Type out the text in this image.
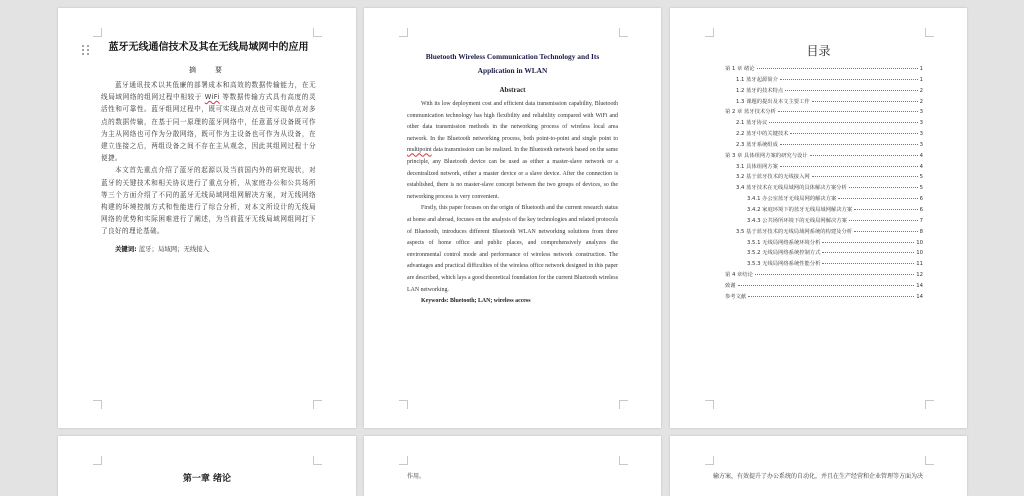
蓝牙无线通信技术及其在无线局域网中的应用
摘　要

蓝牙通讯技术以其低廉的部署成本和高效的数据传输能力，在无线局域网络的组网过程中相较于 WiFi 等数据传输方式具有高度的灵活性和可靠性。蓝牙组网过程中，既可实现点对点也可实现单点对多点的数据传输，在基于同一原理的蓝牙网络中，任意蓝牙设备既可作为主从网络也可作为分散网络，既可作为主设备也可作为从设备，在建立连接之后，两组设备之间不存在主从观念，因此其组网过程十分便捷。

本文首先重点介绍了蓝牙的起源以及当前国内外的研究现状，对蓝牙的关键技术和相关协议进行了重点分析，从家庭办公和公共场所等三个方面介绍了不同的蓝牙无线局域网组网解决方案，对无线网络构建的环境控制方式和性能进行了综合分析，对本文所设计的无线局网络的优势和实际困难进行了阐述，为当前蓝牙无线局域网组网打下了良好的理论基础。

关键词: 蓝牙；局域网；无线接入
Bluetooth Wireless Communication Technology and Its Application in WLAN
Abstract

With its low deployment cost and efficient data transmission capability, Bluetooth communication technology has high flexibility and reliability compared with WiFi and other data transmission methods in the networking process of wireless local area network. In the Bluetooth networking process, both point-to-point and single point to multipoint data transmission can be realized. In the Bluetooth network based on the same principle, any Bluetooth device can be used as either a master-slave network or a decentralized network, either a master device or a slave device. After the connection is established, there is no master-slave concept between the two groups of devices, so the networking process is very convenient.

Firstly, this paper focuses on the origin of Bluetooth and the current research status at home and abroad, focuses on the analysis of the key technologies and related protocols of Bluetooth, introduces different Bluetooth WLAN networking solutions from three aspects of home office and public places, and comprehensively analyzes the environmental control mode and performance of wireless network construction. The advantages and practical difficulties of the wireless office network designed in this paper are described, which lays a good theoretical foundation for the current Bluetooth wireless LAN networking.

Keywords: Bluetooth; LAN; wireless access
目录
第 1 章 绪论	1
1.1 蓝牙起源简介	1
1.2 蓝牙的技术特点	2
1.3 课题的提出及本文主要工作	2
第 2 章 蓝牙技术分析	3
2.1 蓝牙协议	3
2.2 蓝牙中的关键技术	3
2.3 蓝牙系统组成	3
第 3 章 具体组网方案的研究与设计	4
3.1 具体组网方案	4
3.2 基于蓝牙技术的无线接入网	5
3.4 蓝牙技术在无线局域网的具体解决方案分析	5
3.4.1 办公室蓝牙无线局网的解决方案	6
3.4.2 家庭环境下的蓝牙无线局域网解决方案	6
3.4.3 公共场所环境下的无线局网解决方案	7
3.5 基于蓝牙技术的无线局域网系统的构建及分析	8
3.5.1 无线局网络系统环境分析	10
3.5.2 无线局网络系统控制方式	10
3.5.3 无线局网络系统性能分析	11
第 4 章结论	12
致谢	14
参考文献	14
第一章 绪论	作用。	输方案，有效提升了办公系统的自动化，并且在生产经营和企业管理等方面为决
